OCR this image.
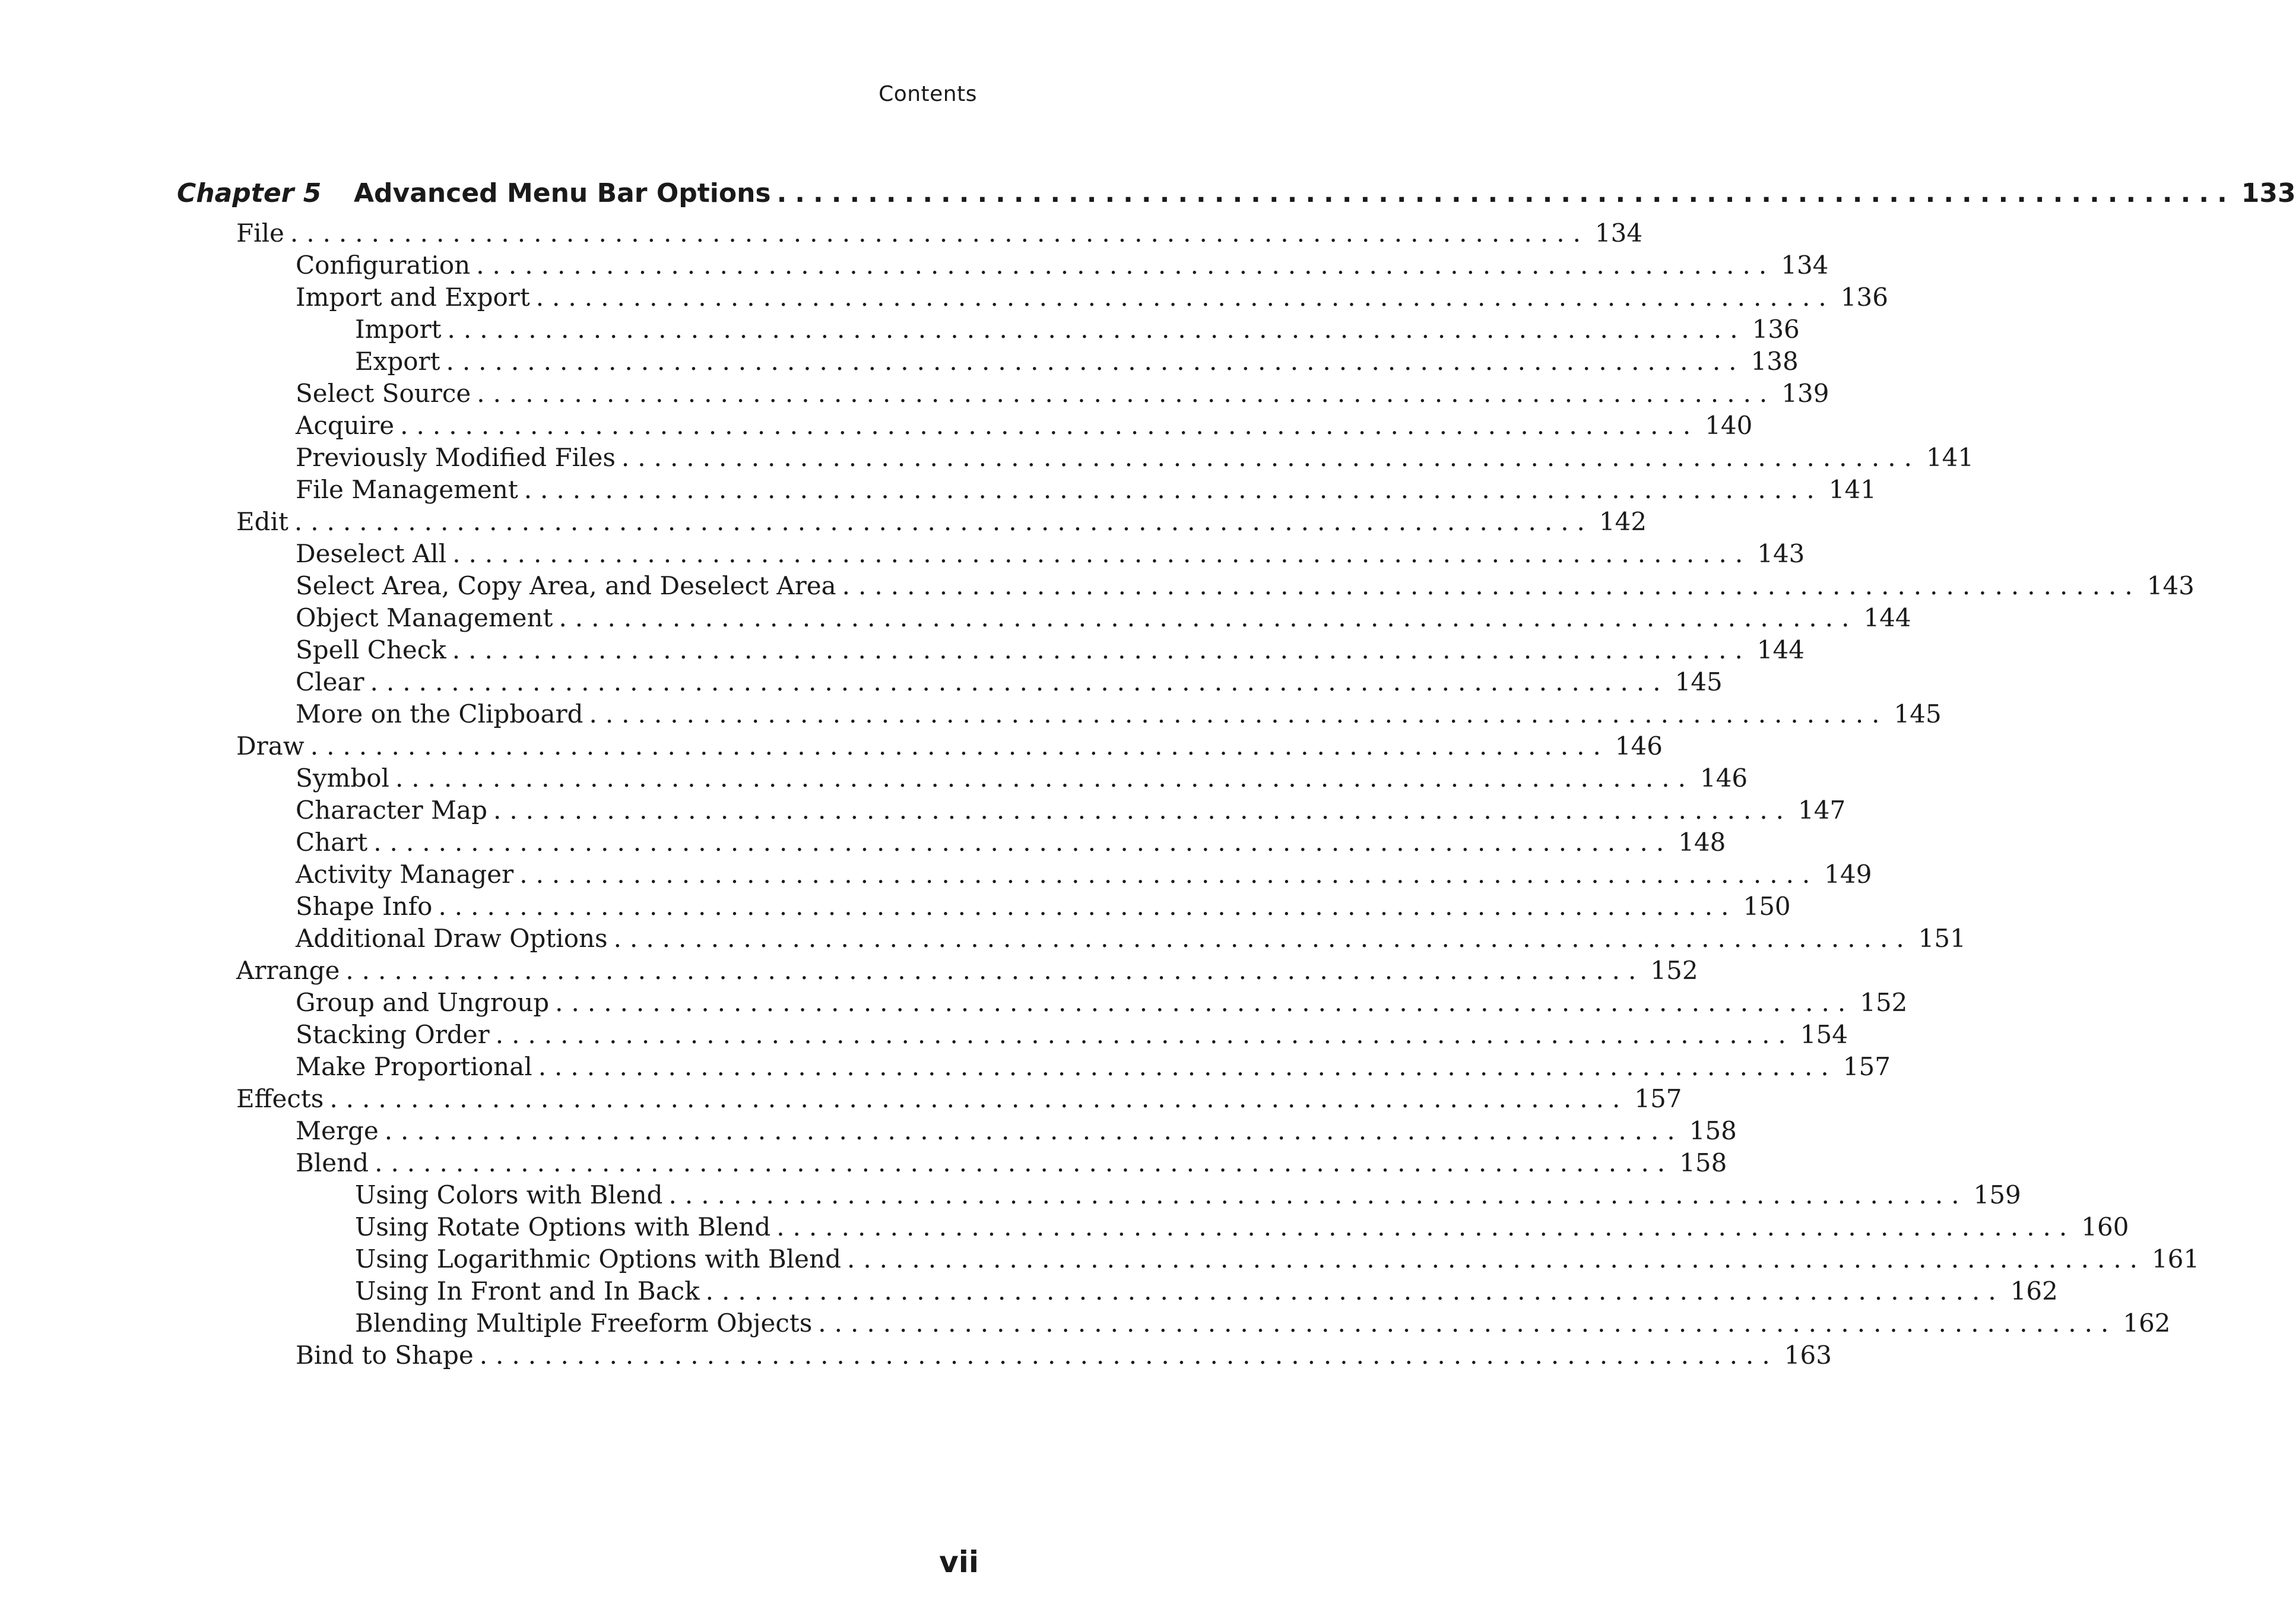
Contents
Chapter 5	Advanced Menu Bar Options ................................................................................ 133
File ................................................................................ 134
Configuration ................................................................................ 134
Import and Export ................................................................................ 136
Import ................................................................................ 136
Export ................................................................................ 138
Select Source ................................................................................ 139
Acquire ................................................................................ 140
Previously Modified Files ................................................................................ 141
File Management ................................................................................ 141
Edit ................................................................................ 142
Deselect All ................................................................................ 143
Select Area, Copy Area, and Deselect Area ................................................................................ 143
Object Management ................................................................................ 144
Spell Check ................................................................................ 144
Clear ................................................................................ 145
More on the Clipboard ................................................................................ 145
Draw ................................................................................ 146
Symbol ................................................................................ 146
Character Map ................................................................................ 147
Chart ................................................................................ 148
Activity Manager ................................................................................ 149
Shape Info ................................................................................ 150
Additional Draw Options ................................................................................ 151
Arrange ................................................................................ 152
Group and Ungroup ................................................................................ 152
Stacking Order ................................................................................ 154
Make Proportional ................................................................................ 157
Effects ................................................................................ 157
Merge ................................................................................ 158
Blend ................................................................................ 158
Using Colors with Blend ................................................................................ 159
Using Rotate Options with Blend ................................................................................ 160
Using Logarithmic Options with Blend ................................................................................ 161
Using In Front and In Back ................................................................................ 162
Blending Multiple Freeform Objects ................................................................................ 162
Bind to Shape ................................................................................ 163
vii
